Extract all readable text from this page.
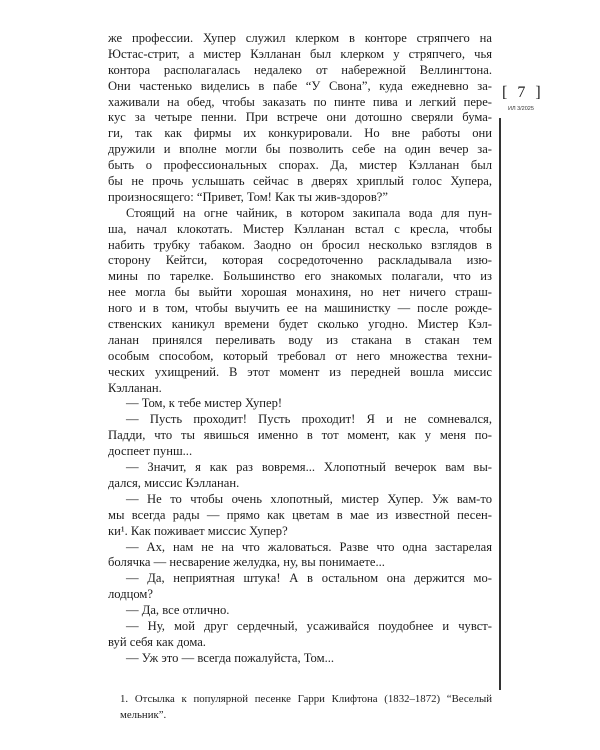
же профессии. Хупер служил клерком в конторе стряпчего на
Юстас-стрит, а мистер Кэлланан был клерком у стряпчего, чья
контора располагалась недалеко от набережной Веллингтона.
Они частенько виделись в пабе “У Свона”, куда ежедневно за-
хаживали на обед, чтобы заказать по пинте пива и легкий пере-
кус за четыре пенни. При встрече они дотошно сверяли бума-
ги, так как фирмы их конкурировали. Но вне работы они
дружили и вполне могли бы позволить себе на один вечер за-
быть о профессиональных спорах. Да, мистер Кэлланан был
бы не прочь услышать сейчас в дверях хриплый голос Хупера,
произносящего: “Привет, Том! Как ты жив-здоров?”
Стоящий на огне чайник, в котором закипала вода для пун-
ша, начал клокотать. Мистер Кэлланан встал с кресла, чтобы
набить трубку табаком. Заодно он бросил несколько взглядов в
сторону Кейтси, которая сосредоточенно раскладывала изю-
мины по тарелке. Большинство его знакомых полагали, что из
нее могла бы выйти хорошая монахиня, но нет ничего страш-
ного и в том, чтобы выучить ее на машинистку — после рожде-
ственских каникул времени будет сколько угодно. Мистер Кэл-
ланан принялся переливать воду из стакана в стакан тем
особым способом, который требовал от него множества техни-
ческих ухищрений. В этот момент из передней вошла миссис
Кэлланан.
— Том, к тебе мистер Хупер!
— Пусть проходит! Пусть проходит! Я и не сомневался,
Падди, что ты явишься именно в тот момент, как у меня по-
доспеет пунш...
— Значит, я как раз вовремя... Хлопотный вечерок вам вы-
дался, миссис Кэлланан.
— Не то чтобы очень хлопотный, мистер Хупер. Уж вам-то
мы всегда рады — прямо как цветам в мае из известной песен-
ки¹. Как поживает миссис Хупер?
— Ах, нам не на что жаловаться. Разве что одна застарелая
болячка — несварение желудка, ну, вы понимаете...
— Да, неприятная штука! А в остальном она держится мо-
лодцом?
— Да, все отлично.
— Ну, мой друг сердечный, усаживайся поудобнее и чувст-
вуй себя как дома.
— Уж это — всегда пожалуйста, Том...
[ 7 ]
ИЛ 3/2025
1. Отсылка к популярной песенке Гарри Клифтона (1832–1872) “Веселый
мельник”.
